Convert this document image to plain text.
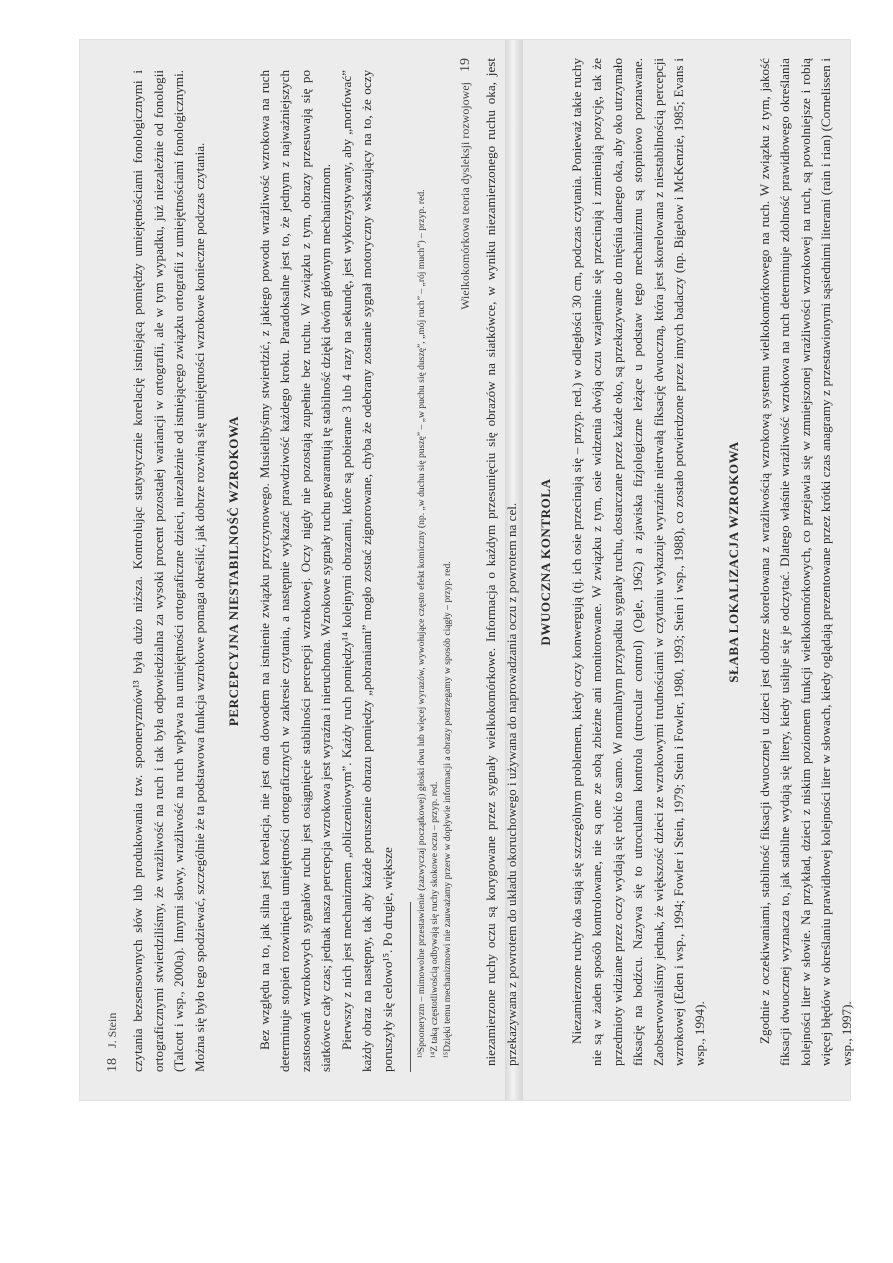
18
J. Stein czytania bezsensownych słów lub produkowania tzw. spooneryzmów¹³ była dużo niższa. Kontrolując statystycznie korelację istniejącą pomiędzy umiejętnościami fonologicznymi i ortograficznymi stwierdziliśmy, że wrażliwość na ruch i tak była odpowiedzialna za wysoki procent pozostałej wariancji w ortografii, ale w tym wypadku, już niezależnie od fonologii (Talcott i wsp., 2000a). Innymi słowy, wrażliwość na ruch wpływa na umiejętności ortograficzne dzieci, niezależnie od istniejącego związku ortografii z umiejętnościami fonologicznymi. Można się było tego spodziewać, szczególnie że ta podstawowa funkcja wzrokowe pomaga określić, jak dobrze rozwiną się umiejętności wzrokowe konieczne podczas czytania. PERCEPCYJNA NIESTABILNOŚĆ WZROKOWA Bez względu na to, jak silna jest korelacja, nie jest ona dowodem na istnienie związku przyczynowego. Musielibyśmy stwierdzić, z jakiego powodu wrażliwość wzrokowa na ruch determinuje stopień rozwinięcia umiejętności ortograficznych w zakresie czytania, a następnie wykazać prawdziwość każdego kroku. Paradoksalne jest to, że jednym z najważniejszych zastosowań wzrokowych sygnałów ruchu jest osiągnięcie stabilności percepcji wzrokowej. Oczy nigdy nie pozostają zupełnie bez ruchu. W związku z tym, obrazy przesuwają się po siatkówce cały czas; jednak nasza percepcja wzrokowa jest wyraźna i nieruchoma. Wzrokowe sygnały ruchu gwarantują tę stabilność dzięki dwóm głównym mechanizmom. Pierwszy z nich jest mechanizmem „obliczeniowym”. Każdy ruch pomiędzy¹⁴ kolejnymi obrazami, które są pobierane 3 lub 4 razy na sekundę, jest wykorzystywany, aby „morfować” każdy obraz na następny, tak aby każde poruszenie obrazu pomiędzy „pobraniami” mogło zostać zignorowane, chyba że odebrany zostanie sygnał motoryczny wskazujący na to, że oczy poruszyły się celowo¹⁵. Po drugie, większe	¹³Spooneryzm – mimowolne przestawienie (zazwyczaj początkowej) głoski dwu lub więcej wyrazów, wywołujące często efekt komiczny (np. „w duchu się puszę” – „w puchu się duszę”, „mój ruch” – „rój much”) – przyp. red. ¹⁴Z taką częstotliwością odbywają się ruchy skokowe oczu – przyp. red. ¹⁵Dzięki temu mechanizmowi nie zauważamy przerw w dopływie informacji a obrazy postrzegamy w sposób ciągły – przyp. red.

Wielkokomórkowa teoria dysleksji rozwojowej
19 niezamierzone ruchy oczu są korygowane przez sygnały wielkokomórkowe. Informacja o każdym przesunięciu się obrazów na siatkówce, w wyniku niezamierzonego ruchu oka, jest przekazywana z powrotem do układu okoruchowego i używana do naprowadzania oczu z powrotem na cel. DWUOCZNA KONTROLA Niezamierzone ruchy oka stają się szczególnym problemem, kiedy oczy konwergują (tj. ich osie przecinają się – przyp. red.) w odległości 30 cm, podczas czytania. Ponieważ takie ruchy nie są w żaden sposób kontrolowane, nie są one ze sobą zbieżne ani monitorowane. W związku z tym, osie widzenia dwóją oczu wzajemnie się przecinają i zmieniają pozycję, tak że przedmioty widziane przez oczy wydają się robić to samo. W normalnym przypadku sygnały ruchu, dostarczane przez każde oko, są przekazywane do mięśnia danego oka, aby oko utrzymało fiksację na bodźcu. Nazywa się to utroculama kontrola (utrocular control) (Ogle, 1962) a zjawiska fizjologiczne leżące u podstaw tego mechanizmu są stopniowo poznawane. Zaobserwowaliśmy jednak, że większość dzieci ze wzrokowymi trudnościami w czytaniu wykazuje wyraźnie nietrwałą fiksację dwuoczną, która jest skorelowana z niestabilnością percepcji wzrokowej (Eden i wsp., 1994; Fowler i Stein, 1979; Stein i Fowler, 1980, 1993; Stein i wsp., 1988), co zostało potwierdzone przez innych badaczy (np. Bigelow i McKenzie, 1985; Evans i wsp., 1994).

SŁABA LOKALIZACJA WZROKOWA Zgodnie z oczekiwaniami, stabilność fiksacji dwuocznej u dzieci jest dobrze skorelowana z wrażliwością wzrokową systemu wielkokomórkowego na ruch. W związku z tym, jakość fiksacji dwuocznej wyznacza to, jak stabilne wydają się litery, kiedy usiłuje się je odczytać. Dlatego właśnie wrażliwość wzrokowa na ruch determinuje zdolność prawidłowego określania kolejności liter w słowie. Na przykład, dzieci z niskim poziomem funkcji wielkokomórkowych, co przejawia się w zmniejszonej wrażliwości wzrokowej na ruch, są powolniejsze i robią więcej błędów w określaniu prawidłowej kolejności liter w słowach, kiedy oglądają prezentowane przez krótki czas anagramy z przestawionymi sąsiednimi literami (rain i rian) (Cornelissen i wsp., 1997).
